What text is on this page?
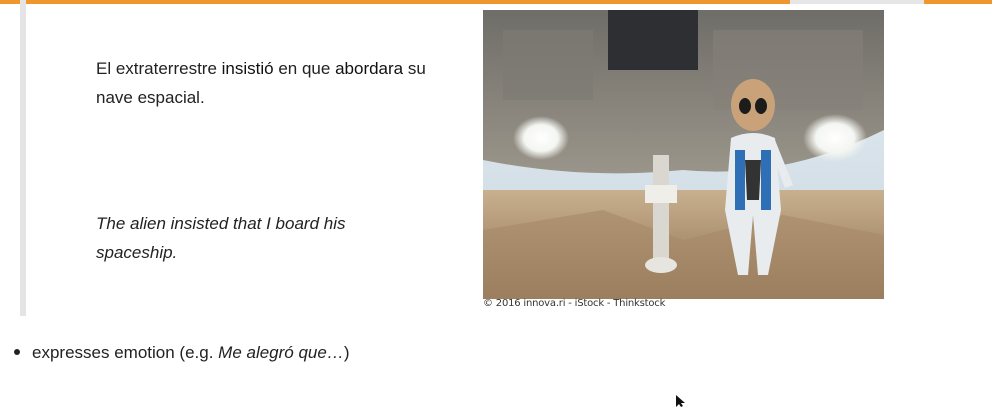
El extraterrestre insistió en que abordara su nave espacial.

The alien insisted that I board his spaceship.

© 2016 innova.ri - iStock - Thinkstock
expresses emotion (e.g. Me alegró que…)
